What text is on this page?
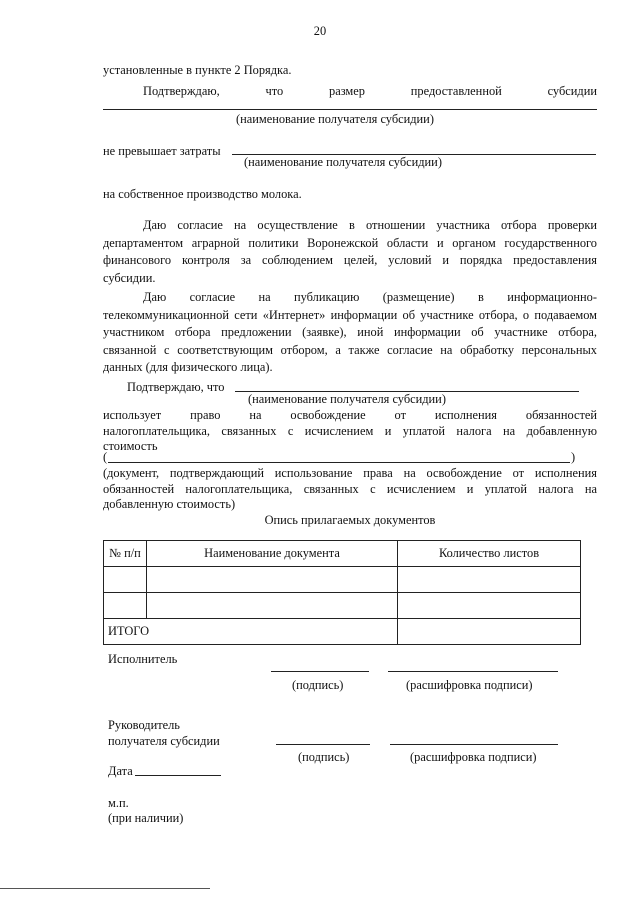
20
установленные в пункте 2 Порядка.
Подтверждаю,	что	размер	предоставленной	субсидии
(наименование получателя субсидии)
не превышает затраты
(наименование получателя субсидии)
на собственное производство молока.
Даю согласие на осуществление в отношении участника отбора проверки
департаментом аграрной политики Воронежской области и органом государственного
финансового контроля за соблюдением целей, условий и порядка предоставления
субсидии.
Даю согласие на публикацию (размещение) в информационно-
телекоммуникационной сети «Интернет» информации об участнике отбора, о подаваемом
участником отбора предложении (заявке), иной информации об участнике отбора,
связанной с соответствующим отбором, а также согласие на обработку персональных
данных (для физического лица).
Подтверждаю, что
(наименование получателя субсидии)
использует право на освобождение от исполнения обязанностей
налогоплательщика, связанных с исчислением и уплатой налога на добавленную
стоимость
(	)
(документ, подтверждающий использование права на освобождение от исполнения
обязанностей налогоплательщика, связанных с исчислением и уплатой налога на
добавленную стоимость)
Опись прилагаемых документов
№ п/п	Наименование документа	Количество листов

ИТОГО		
Исполнитель
(подпись)	(расшифровка подписи)
Руководитель
получателя субсидии
(подпись)	(расшифровка подписи)
Дата
м.п.
(при наличии)
